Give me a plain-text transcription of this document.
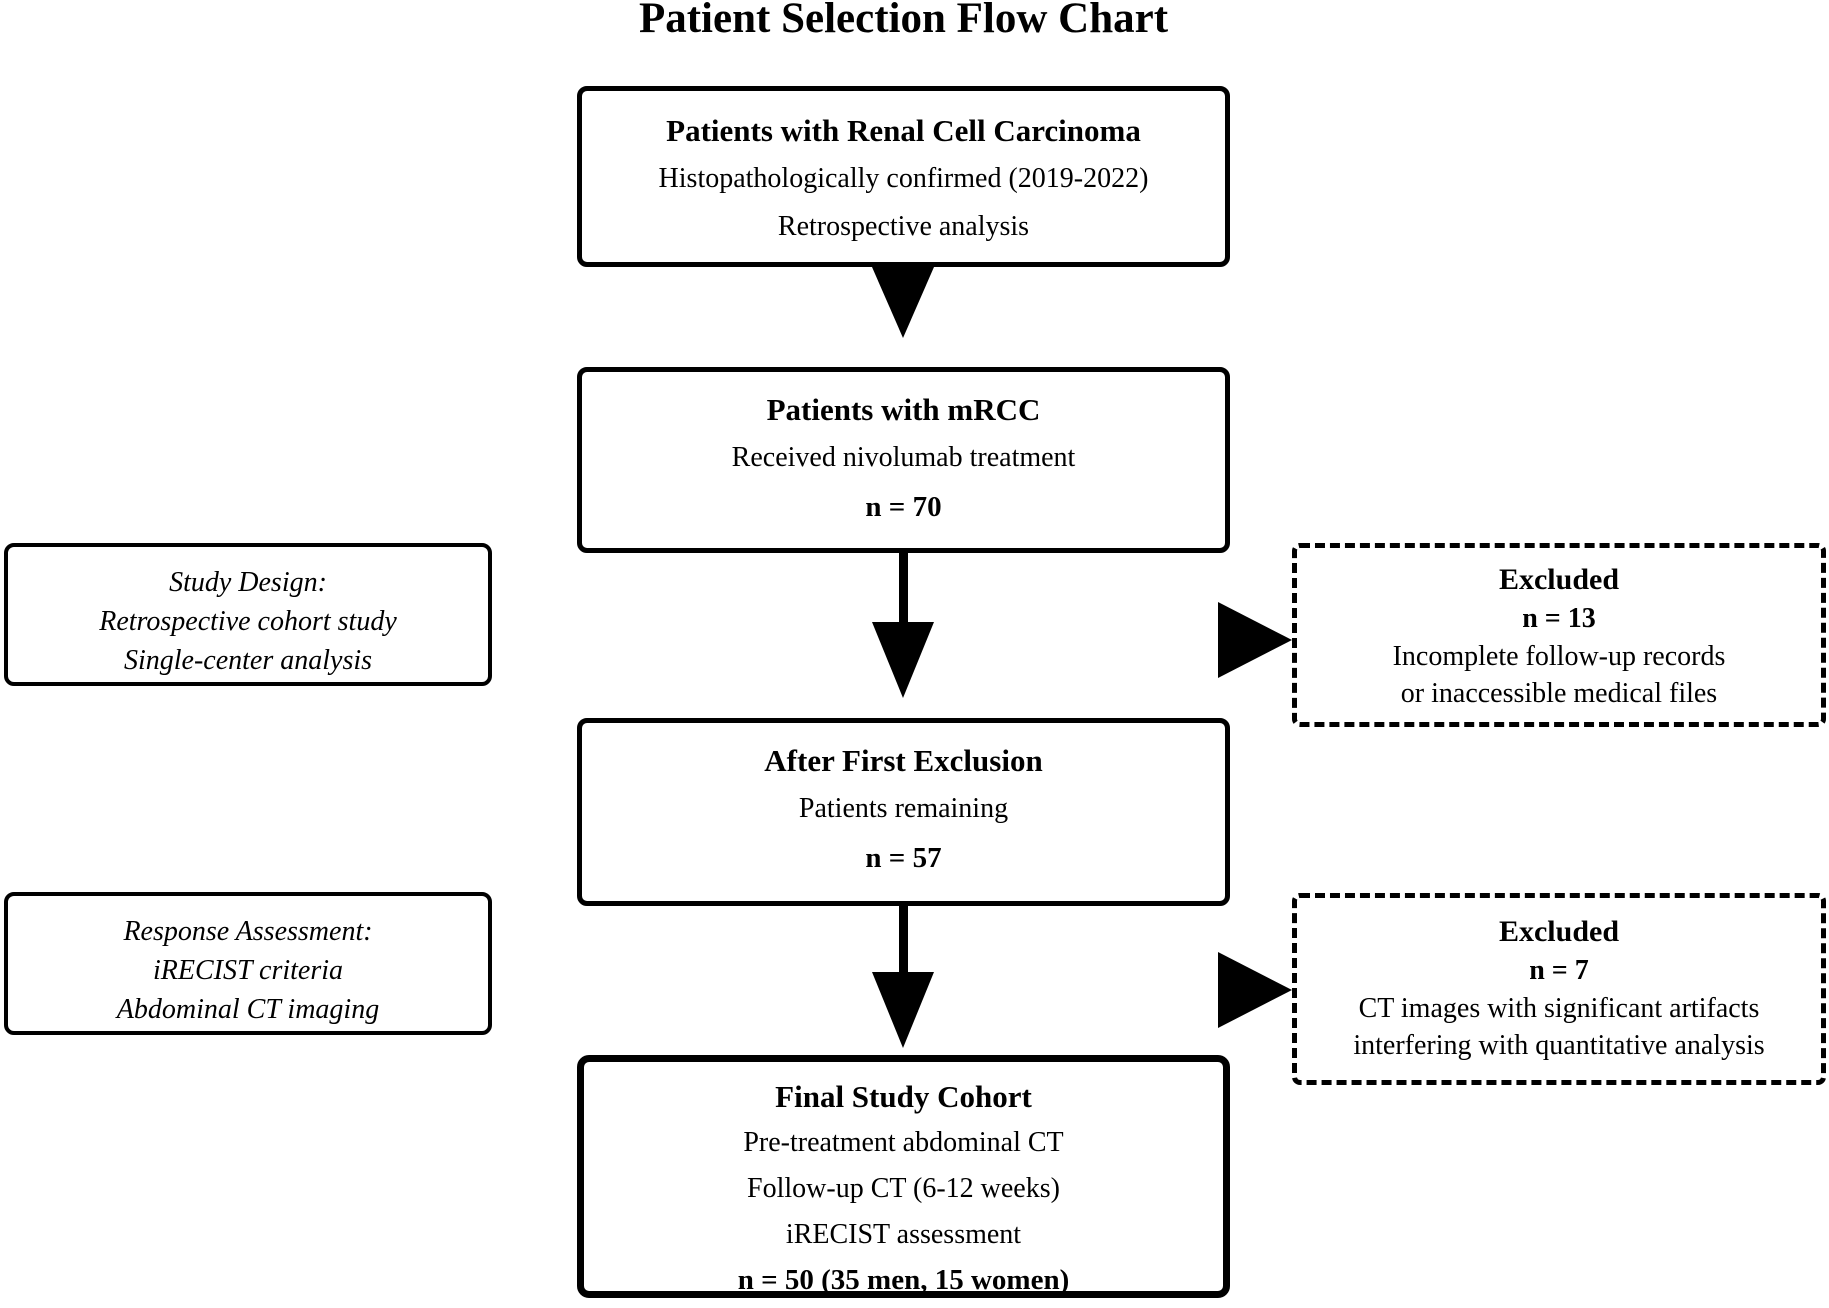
Patient Selection Flow Chart
Patients with Renal Cell Carcinoma
Histopathologically confirmed (2019-2022)
Retrospective analysis
Patients with mRCC
Received nivolumab treatment
n = 70
Study Design:
Retrospective cohort study
Single-center analysis
Excluded
n = 13
Incomplete follow-up records
or inaccessible medical files
After First Exclusion
Patients remaining
n = 57
Response Assessment:
iRECIST criteria
Abdominal CT imaging
Excluded
n = 7
CT images with significant artifacts
interfering with quantitative analysis
Final Study Cohort
Pre-treatment abdominal CT
Follow-up CT (6-12 weeks)
iRECIST assessment
n = 50 (35 men, 15 women)
